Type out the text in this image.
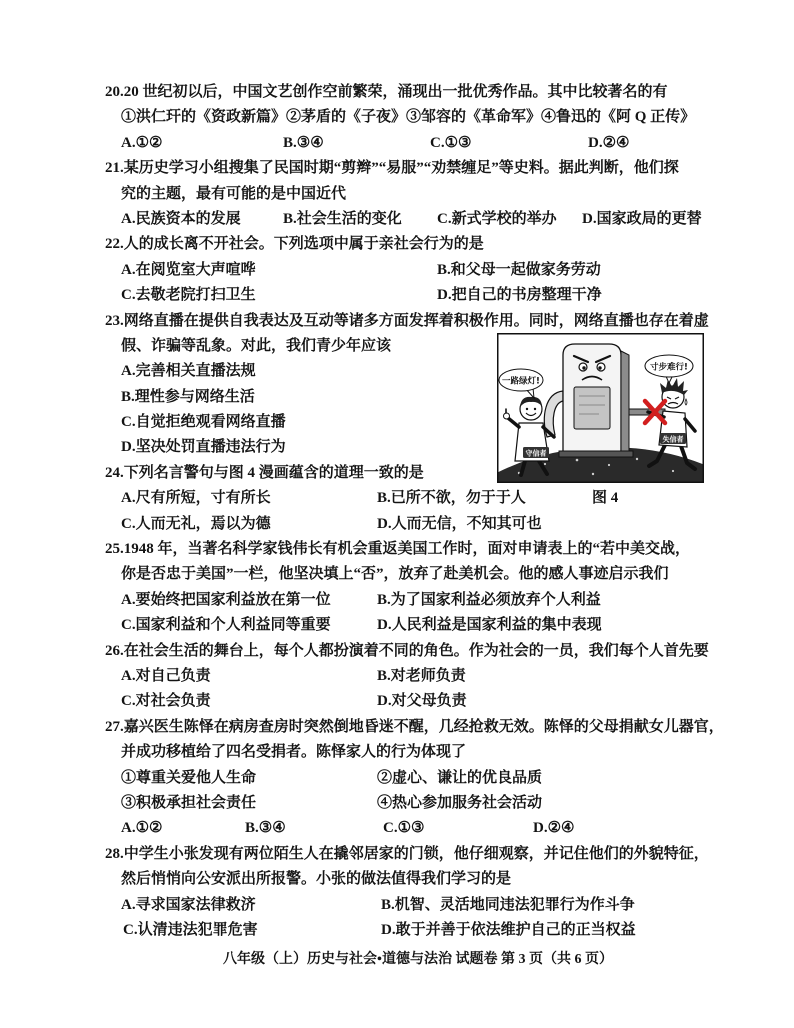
20.20 世纪初以后，中国文艺创作空前繁荣，涌现出一批优秀作品。其中比较著名的有
①洪仁玕的《资政新篇》②茅盾的《子夜》③邹容的《革命军》④鲁迅的《阿 Q 正传》
A.①②	B.③④	C.①③	D.②④
21.某历史学习小组搜集了民国时期“剪辫”“易服”“劝禁缠足”等史料。据此判断，他们探
究的主题，最有可能的是中国近代
A.民族资本的发展	B.社会生活的变化 C.新式学校的举办 D.国家政局的更替
22.人的成长离不开社会。下列选项中属于亲社会行为的是
A.在阅览室大声喧哗	B.和父母一起做家务劳动
C.去敬老院打扫卫生	D.把自己的书房整理干净
23.网络直播在提供自我表达及互动等诸多方面发挥着积极作用。同时，网络直播也存在着虚
假、诈骗等乱象。对此，我们青少年应该
A.完善相关直播法规
B.理性参与网络生活
C.自觉拒绝观看网络直播
D.坚决处罚直播违法行为
24.下列名言警句与图 4 漫画蕴含的道理一致的是
A.尺有所短，寸有所长	B.已所不欲，勿于于人	图 4
C.人而无礼，焉以为德	D.人而无信，不知其可也
25.1948 年，当著名科学家钱伟长有机会重返美国工作时，面对申请表上的“若中美交战，
你是否忠于美国”一栏，他坚决填上“否”，放弃了赴美机会。他的感人事迹启示我们
A.要始终把国家利益放在第一位	B.为了国家利益必须放弃个人利益
C.国家利益和个人利益同等重要	D.人民利益是国家利益的集中表现
26.在社会生活的舞台上，每个人都扮演着不同的角色。作为社会的一员，我们每个人首先要
A.对自己负责	B.对老师负责
C.对社会负责	D.对父母负责
27.嘉兴医生陈怿在病房查房时突然倒地昏迷不醒，几经抢救无效。陈怿的父母捐献女儿器官，
并成功移植给了四名受捐者。陈怿家人的行为体现了
①尊重关爱他人生命	②虚心、谦让的优良品质
③积极承担社会责任	④热心参加服务社会活动
A.①②	B.③④	C.①③	D.②④
28.中学生小张发现有两位陌生人在撬邻居家的门锁，他仔细观察，并记住他们的外貌特征，
然后悄悄向公安派出所报警。小张的做法值得我们学习的是
A.寻求国家法律救济	B.机智、灵活地同违法犯罪行为作斗争
C.认清违法犯罪危害	D.敢于并善于依法维护自己的正当权益
守信者
一路绿灯!
失信者
寸步难行!
八年级（上）历史与社会•道德与法治 试题卷 第 3 页（共 6 页）
